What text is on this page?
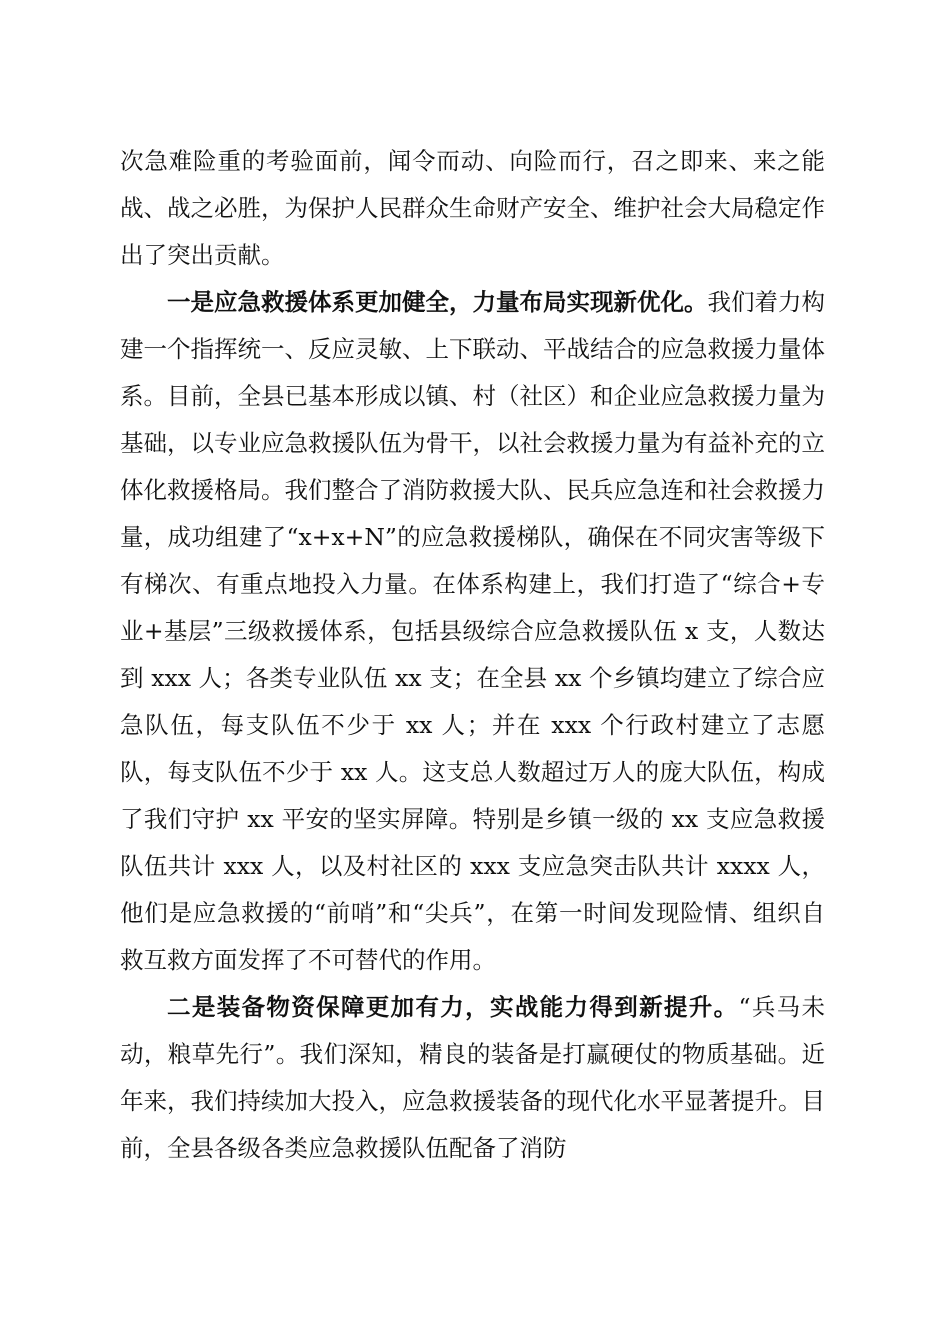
次急难险重的考验面前，闻令而动、向险而行，召之即来、来之能战、战之必胜，为保护人民群众生命财产安全、维护社会大局稳定作出了突出贡献。

一是应急救援体系更加健全，力量布局实现新优化。我们着力构建一个指挥统一、反应灵敏、上下联动、平战结合的应急救援力量体系。目前，全县已基本形成以镇、村（社区）和企业应急救援力量为基础，以专业应急救援队伍为骨干，以社会救援力量为有益补充的立体化救援格局。我们整合了消防救援大队、民兵应急连和社会救援力量，成功组建了“x+x+N”的应急救援梯队，确保在不同灾害等级下有梯次、有重点地投入力量。在体系构建上，我们打造了“综合+专业+基层”三级救援体系，包括县级综合应急救援队伍 x 支，人数达到 xxx 人；各类专业队伍 xx 支；在全县 xx 个乡镇均建立了综合应急队伍，每支队伍不少于 xx 人；并在 xxx 个行政村建立了志愿队，每支队伍不少于 xx 人。这支总人数超过万人的庞大队伍，构成了我们守护 xx 平安的坚实屏障。特别是乡镇一级的 xx 支应急救援队伍共计 xxx 人，以及村社区的 xxx 支应急突击队共计 xxxx 人，他们是应急救援的“前哨”和“尖兵”，在第一时间发现险情、组织自救互救方面发挥了不可替代的作用。

二是装备物资保障更加有力，实战能力得到新提升。“兵马未动，粮草先行”。我们深知，精良的装备是打赢硬仗的物质基础。近年来，我们持续加大投入，应急救援装备的现代化水平显著提升。目前，全县各级各类应急救援队伍配备了消防
